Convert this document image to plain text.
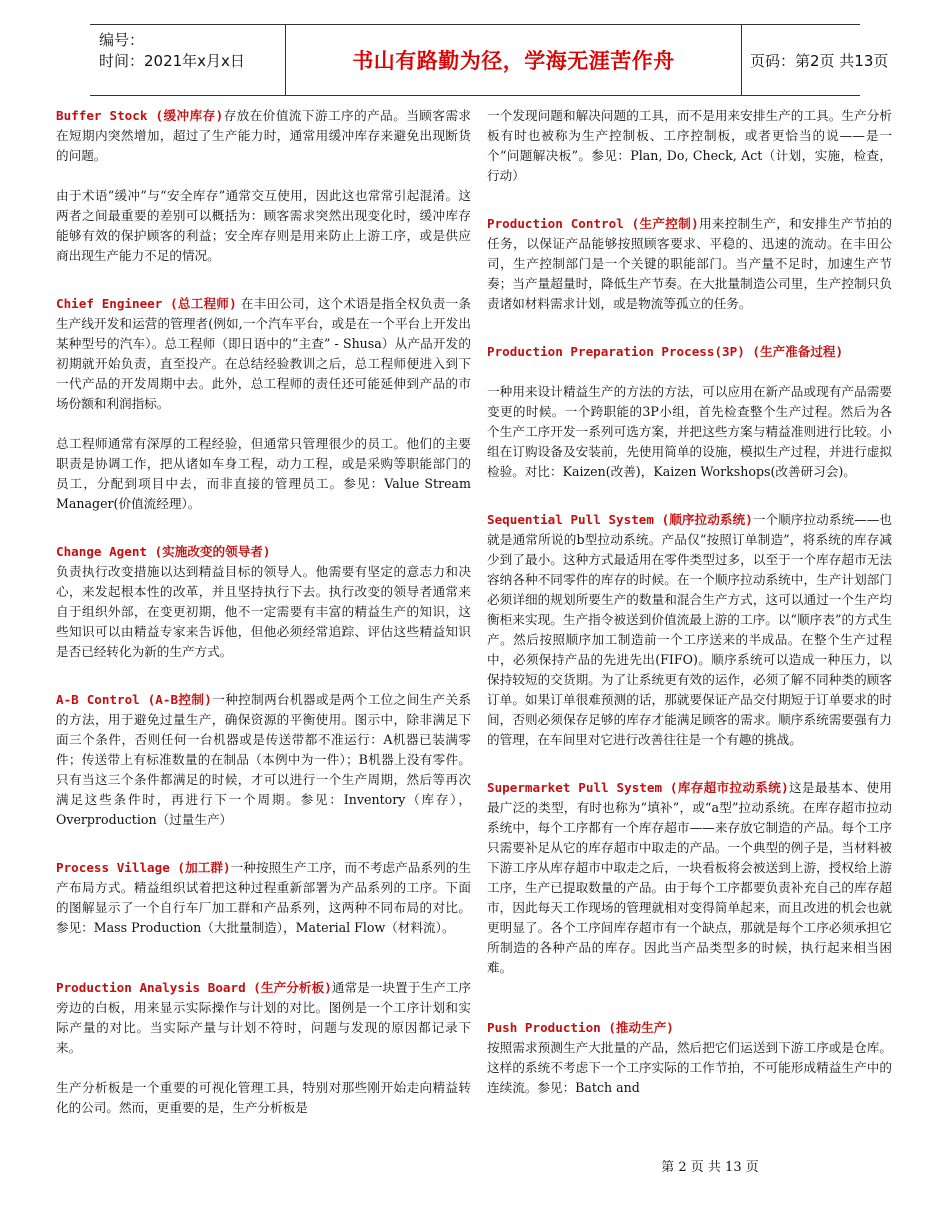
编号：
时间：2021年x月x日	书山有路勤为径，学海无涯苦作舟	页码：第2页 共13页

Buffer Stock (缓冲库存)存放在价值流下游工序的产品。当顾客需求在短期内突然增加，超过了生产能力时，通常用缓冲库存来避免出现断货的问题。

由于术语“缓冲”与“安全库存”通常交互使用，因此这也常常引起混淆。这两者之间最重要的差别可以概括为：顾客需求突然出现变化时，缓冲库存能够有效的保护顾客的利益；安全库存则是用来防止上游工序，或是供应商出现生产能力不足的情况。

Chief Engineer (总工程师) 在丰田公司，这个术语是指全权负责一条生产线开发和运营的管理者(例如,一个汽车平台，或是在一个平台上开发出某种型号的汽车）。总工程师（即日语中的“主查” - Shusa）从产品开发的初期就开始负责，直至投产。在总结经验教训之后，总工程师便进入到下一代产品的开发周期中去。此外，总工程师的责任还可能延伸到产品的市场份额和利润指标。

总工程师通常有深厚的工程经验，但通常只管理很少的员工。他们的主要职责是协调工作，把从诸如车身工程，动力工程，或是采购等职能部门的员工，分配到项目中去，而非直接的管理员工。参见：Value Stream Manager(价值流经理）。

Change Agent (实施改变的领导者)

负责执行改变措施以达到精益目标的领导人。他需要有坚定的意志力和决心，来发起根本性的改革，并且坚持执行下去。执行改变的领导者通常来自于组织外部，在变更初期，他不一定需要有丰富的精益生产的知识，这些知识可以由精益专家来告诉他，但他必须经常追踪、评估这些精益知识是否已经转化为新的生产方式。

A-B Control (A-B控制)一种控制两台机器或是两个工位之间生产关系的方法，用于避免过量生产，确保资源的平衡使用。图示中，除非满足下面三个条件，否则任何一台机器或是传送带都不准运行：A机器已装满零件；传送带上有标准数量的在制品（本例中为一件）；B机器上没有零件。只有当这三个条件都满足的时候，才可以进行一个生产周期，然后等再次满足这些条件时，再进行下一个周期。参见：Inventory（库存），Overproduction（过量生产）

Process Village (加工群)一种按照生产工序，而不考虑产品系列的生产布局方式。精益组织试着把这种过程重新部署为产品系列的工序。下面的图解显示了一个自行车厂加工群和产品系列，这两种不同布局的对比。参见：Mass Production（大批量制造），Material Flow（材料流）。

Production Analysis Board (生产分析板)通常是一块置于生产工序旁边的白板，用来显示实际操作与计划的对比。图例是一个工序计划和实际产量的对比。当实际产量与计划不符时，问题与发现的原因都记录下来。

生产分析板是一个重要的可视化管理工具，特别对那些刚开始走向精益转化的公司。然而，更重要的是，生产分析板是

一个发现问题和解决问题的工具，而不是用来安排生产的工具。生产分析板有时也被称为生产控制板、工序控制板，或者更恰当的说——是一个“问题解决板”。参见：Plan, Do, Check, Act（计划，实施，检查，行动）

Production Control (生产控制)用来控制生产，和安排生产节拍的任务，以保证产品能够按照顾客要求、平稳的、迅速的流动。在丰田公司，生产控制部门是一个关键的职能部门。当产量不足时，加速生产节奏；当产量超量时，降低生产节奏。在大批量制造公司里，生产控制只负责诸如材料需求计划，或是物流等孤立的任务。

Production Preparation Process(3P) (生产准备过程)

一种用来设计精益生产的方法的方法，可以应用在新产品或现有产品需要变更的时候。一个跨职能的3P小组，首先检查整个生产过程。然后为各个生产工序开发一系列可选方案，并把这些方案与精益准则进行比较。小组在订购设备及安装前，先使用简单的设施，模拟生产过程，并进行虚拟检验。对比：Kaizen(改善)，Kaizen Workshops(改善研习会)。

Sequential Pull System (顺序拉动系统)一个顺序拉动系统——也就是通常所说的b型拉动系统。产品仅“按照订单制造”，将系统的库存减少到了最小。这种方式最适用在零件类型过多，以至于一个库存超市无法容纳各种不同零件的库存的时候。在一个顺序拉动系统中，生产计划部门必须详细的规划所要生产的数量和混合生产方式，这可以通过一个生产均衡柜来实现。生产指令被送到价值流最上游的工序。以“顺序表”的方式生产。然后按照顺序加工制造前一个工序送来的半成品。在整个生产过程中，必须保持产品的先进先出(FIFO)。顺序系统可以造成一种压力，以保持较短的交货期。为了让系统更有效的运作，必须了解不同种类的顾客订单。如果订单很难预测的话，那就要保证产品交付期短于订单要求的时间，否则必须保存足够的库存才能满足顾客的需求。顺序系统需要强有力的管理，在车间里对它进行改善往往是一个有趣的挑战。

Supermarket Pull System (库存超市拉动系统)这是最基本、使用最广泛的类型，有时也称为“填补”，或“a型”拉动系统。在库存超市拉动系统中，每个工序都有一个库存超市——来存放它制造的产品。每个工序只需要补足从它的库存超市中取走的产品。一个典型的例子是，当材料被下游工序从库存超市中取走之后，一块看板将会被送到上游，授权给上游工序，生产已提取数量的产品。由于每个工序都要负责补充自己的库存超市，因此每天工作现场的管理就相对变得简单起来，而且改进的机会也就更明显了。各个工序间库存超市有一个缺点，那就是每个工序必须承担它所制造的各种产品的库存。因此当产品类型多的时候，执行起来相当困难。

Push Production (推动生产)

按照需求预测生产大批量的产品，然后把它们运送到下游工序或是仓库。这样的系统不考虑下一个工序实际的工作节拍，不可能形成精益生产中的连续流。参见：Batch and

第 2 页 共 13 页
